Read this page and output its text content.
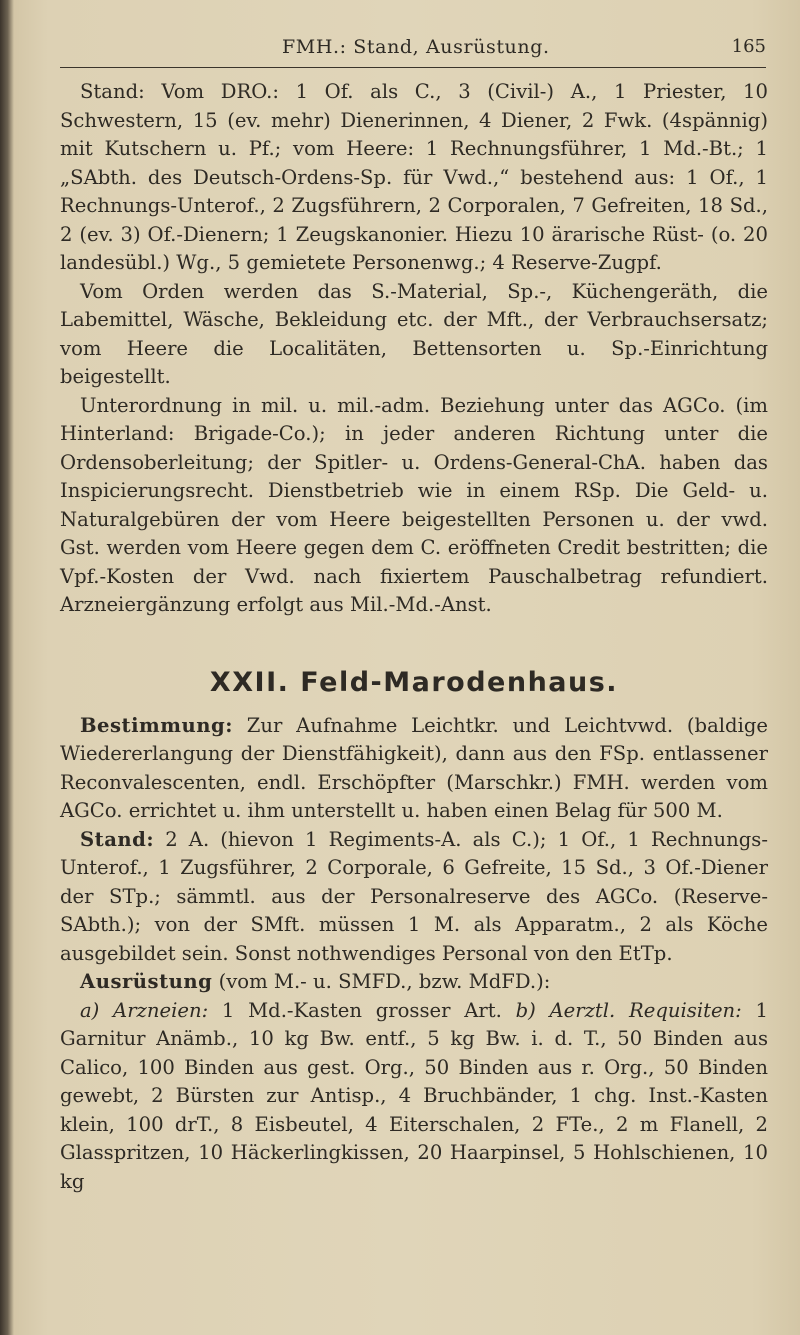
FMH.: Stand, Ausrüstung.	165

Stand: Vom DRO.: 1 Of. als C., 3 (Civil-) A., 1 Priester, 10 Schwestern, 15 (ev. mehr) Dienerinnen, 4 Diener, 2 Fwk. (4spännig) mit Kutschern u. Pf.; vom Heere: 1 Rechnungsführer, 1 Md.-Bt.; 1 „SAbth. des Deutsch-Ordens-Sp. für Vwd.,“ bestehend aus: 1 Of., 1 Rechnungs-Unterof., 2 Zugsführern, 2 Corporalen, 7 Gefreiten, 18 Sd., 2 (ev. 3) Of.-Dienern; 1 Zeugskanonier. Hiezu 10 ärarische Rüst- (o. 20 landesübl.) Wg., 5 gemietete Personenwg.; 4 Reserve-Zugpf.

Vom Orden werden das S.-Material, Sp.-, Küchengeräth, die Labemittel, Wäsche, Bekleidung etc. der Mft., der Verbrauchsersatz; vom Heere die Localitäten, Bettensorten u. Sp.-Einrichtung beigestellt.

Unterordnung in mil. u. mil.-adm. Beziehung unter das AGCo. (im Hinterland: Brigade-Co.); in jeder anderen Richtung unter die Ordensoberleitung; der Spitler- u. Ordens-General-ChA. haben das Inspicierungsrecht. Dienstbetrieb wie in einem RSp. Die Geld- u. Naturalgebüren der vom Heere beigestellten Personen u. der vwd. Gst. werden vom Heere gegen dem C. eröffneten Credit bestritten; die Vpf.-Kosten der Vwd. nach fixiertem Pauschalbetrag refundiert. Arzneiergänzung erfolgt aus Mil.-Md.-Anst.

XXII. Feld-Marodenhaus.

Bestimmung: Zur Aufnahme Leichtkr. und Leichtvwd. (baldige Wiedererlangung der Dienstfähigkeit), dann aus den FSp. entlassener Reconvalescenten, endl. Erschöpfter (Marschkr.) FMH. werden vom AGCo. errichtet u. ihm unterstellt u. haben einen Belag für 500 M.

Stand: 2 A. (hievon 1 Regiments-A. als C.); 1 Of., 1 Rechnungs-Unterof., 1 Zugsführer, 2 Corporale, 6 Gefreite, 15 Sd., 3 Of.-Diener der STp.; sämmtl. aus der Personalreserve des AGCo. (Reserve-SAbth.); von der SMft. müssen 1 M. als Apparatm., 2 als Köche ausgebildet sein. Sonst nothwendiges Personal von den EtTp.

Ausrüstung (vom M.- u. SMFD., bzw. MdFD.):

a) Arzneien: 1 Md.-Kasten grosser Art. b) Aerztl. Requisiten: 1 Garnitur Anämb., 10 kg Bw. entf., 5 kg Bw. i. d. T., 50 Binden aus Calico, 100 Binden aus gest. Org., 50 Binden aus r. Org., 50 Binden gewebt, 2 Bürsten zur Antisp., 4 Bruchbänder, 1 chg. Inst.-Kasten klein, 100 drT., 8 Eisbeutel, 4 Eiterschalen, 2 FTe., 2 m Flanell, 2 Glasspritzen, 10 Häckerlingkissen, 20 Haarpinsel, 5 Hohlschienen, 10 kg
